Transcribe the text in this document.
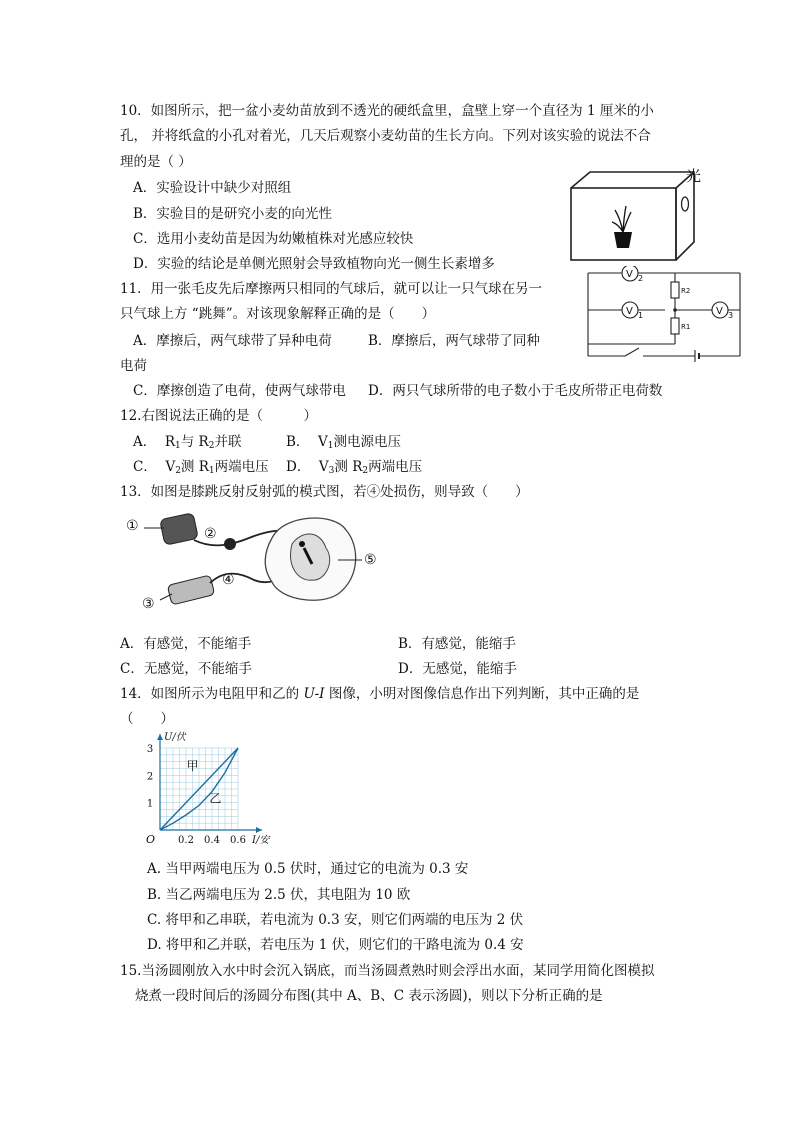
10．如图所示，把一盆小麦幼苗放到不透光的硬纸盒里，盒壁上穿一个直径为 1 厘米的小
孔， 并将纸盒的小孔对着光，几天后观察小麦幼苗的生长方向。下列对该实验的说法不合
理的是（ ）
A．实验设计中缺少对照组
B．实验目的是研究小麦的向光性
C．选用小麦幼苗是因为幼嫩植株对光感应较快
D．实验的结论是单侧光照射会导致植物向光一侧生长素增多
光
V 2
V 1	V 3
R2
R1
11．用一张毛皮先后摩擦两只相同的气球后，就可以让一只气球在另一
只气球上方 “跳舞”。对该现象解释正确的是（　　）
A．摩擦后，两气球带了异种电荷	B．摩擦后，两气球带了同种
电荷
C．摩擦创造了电荷，使两气球带电 D．两只气球所带的电子数小于毛皮所带正电荷数
12.右图说法正确的是（　　　）
A． $R_1$与 $R_2$并联	B． $V_1$测电源电压
C． $V_2$测 $R_1$两端电压 D． $V_3$测 $R_2$两端电压
13．如图是膝跳反射反射弧的模式图，若④处损伤，则导致（　　）
①	②
③
④
⑤
A．有感觉，不能缩手	B．有感觉，能缩手
C．无感觉，不能缩手	D．无感觉，能缩手
14．如图所示为电阻甲和乙的 U-I 图像，小明对图像信息作出下列判断，其中正确的是
（　　）
0.2 0.4 0.6
1
2
3
O	I/安
U/伏
甲
乙
A. 当甲两端电压为 0.5 伏时，通过它的电流为 0.3 安
B. 当乙两端电压为 2.5 伏，其电阻为 10 欧
C. 将甲和乙串联，若电流为 0.3 安，则它们两端的电压为 2 伏
D. 将甲和乙并联，若电压为 1 伏，则它们的干路电流为 0.4 安
15.当汤圆刚放入水中时会沉入锅底，而当汤圆煮熟时则会浮出水面，某同学用简化图模拟
烧煮一段时间后的汤圆分布图(其中 A、B、C 表示汤圆)，则以下分析正确的是
